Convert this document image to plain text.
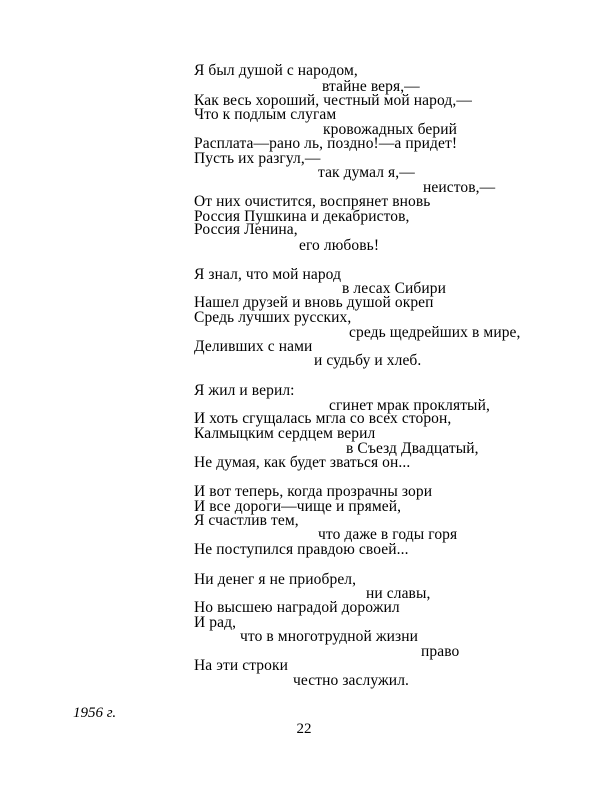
Я был душой с народом,
втайне веря,—
Как весь хороший, честный мой народ,—
Что к подлым слугам
кровожадных берий
Расплата—рано ль, поздно!—а придет!
Пусть их разгул,—
так думал я,—
неистов,—
От них очистится, воспрянет вновь
Россия Пушкина и декабристов,
Россия Ленина,
его любовь!
Я знал, что мой народ
в лесах Сибири
Нашел друзей и вновь душой окреп
Средь лучших русских,
средь щедрейших в мире,
Деливших с нами
и судьбу и хлеб.
Я жил и верил:
сгинет мрак проклятый,
И хоть сгущалась мгла со всех сторон,
Калмыцким сердцем верил
в Съезд Двадцатый,
Не думая, как будет зваться он...
И вот теперь, когда прозрачны зори
И все дороги—чище и прямей,
Я счастлив тем,
что даже в годы горя
Не поступился правдою своей...
Ни денег я не приобрел,
ни славы,
Но высшею наградой дорожил
И рад,
что в многотрудной жизни
право
На эти строки
честно заслужил.
1956 г.
22
